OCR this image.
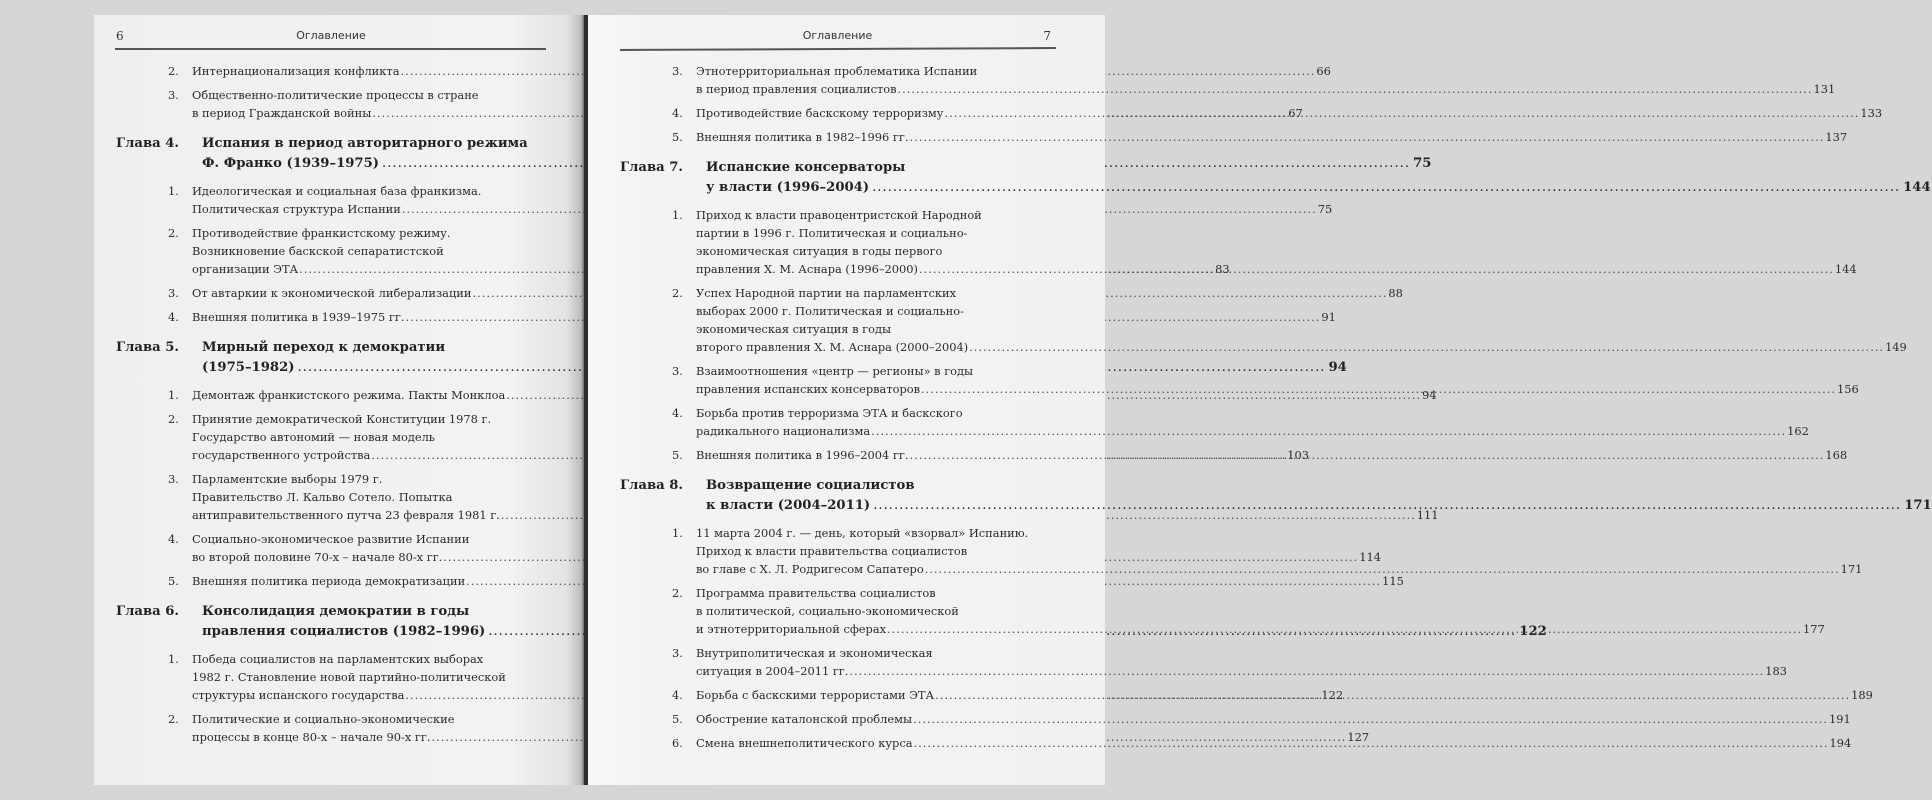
6	Оглавление
2.	Интернационализация конфликта .....	66
3.	Общественно-политические процессы в стране
в период Гражданской войны .....	67
Глава 4.	Испания в период авторитарного режима
Ф. Франко (1939–1975) .....	75
1.	Идеологическая и социальная база франкизма.
Политическая структура Испании .....	75
2.	Противодействие франкистскому режиму.
Возникновение баскской сепаратистской
организации ЭТА .....	83
3.	От автаркии к экономической либерализации .....	88
4.	Внешняя политика в 1939–1975 гг. .....	91
Глава 5.	Мирный переход к демократии
(1975–1982) .....	94
1.	Демонтаж франкистского режима. Пакты Монклоа .....	94
2.	Принятие демократической Конституции 1978 г.
Государство автономий — новая модель
государственного устройства .....	103
3.	Парламентские выборы 1979 г.
Правительство Л. Кальво Сотело. Попытка
антиправительственного путча 23 февраля 1981 г. .....	111
4.	Социально-экономическое развитие Испании
во второй половине 70-х – начале 80-х гг. .....	114
5.	Внешняя политика периода демократизации .....	115
Глава 6.	Консолидация демократии в годы
правления социалистов (1982–1996) .....	122
1.	Победа социалистов на парламентских выборах
1982 г. Становление новой партийно-политической
структуры испанского государства .....	122
2.	Политические и социально-экономические
процессы в конце 80-х – начале 90-х гг. .....	127
Оглавление	7
3.	Этнотерриториальная проблематика Испании
в период правления социалистов .....	131
4.	Противодействие баскскому терроризму .....	133
5.	Внешняя политика в 1982–1996 гг. .....	137
Глава 7.	Испанские консерваторы
у власти (1996–2004) .....	144
1.	Приход к власти правоцентристской Народной
партии в 1996 г. Политическая и социально-
экономическая ситуация в годы первого
правления Х. М. Аснара (1996–2000) .....	144
2.	Успех Народной партии на парламентских
выборах 2000 г. Политическая и социально-
экономическая ситуация в годы
второго правления Х. М. Аснара (2000–2004) .....	149
3.	Взаимоотношения «центр — регионы» в годы
правления испанских консерваторов .....	156
4.	Борьба против терроризма ЭТА и баскского
радикального национализма .....	162
5.	Внешняя политика в 1996–2004 гг. .....	168
Глава 8.	Возвращение социалистов
к власти (2004–2011) .....	171
1.	11 марта 2004 г. — день, который «взорвал» Испанию.
Приход к власти правительства социалистов
во главе с Х. Л. Родригесом Сапатеро .....	171
2.	Программа правительства социалистов
в политической, социально-экономической
и этнотерриториальной сферах .....	177
3.	Внутриполитическая и экономическая
ситуация в 2004–2011 гг. .....	183
4.	Борьба с баскскими террористами ЭТА .....	189
5.	Обострение каталонской проблемы .....	191
6.	Смена внешнеполитического курса .....	194
